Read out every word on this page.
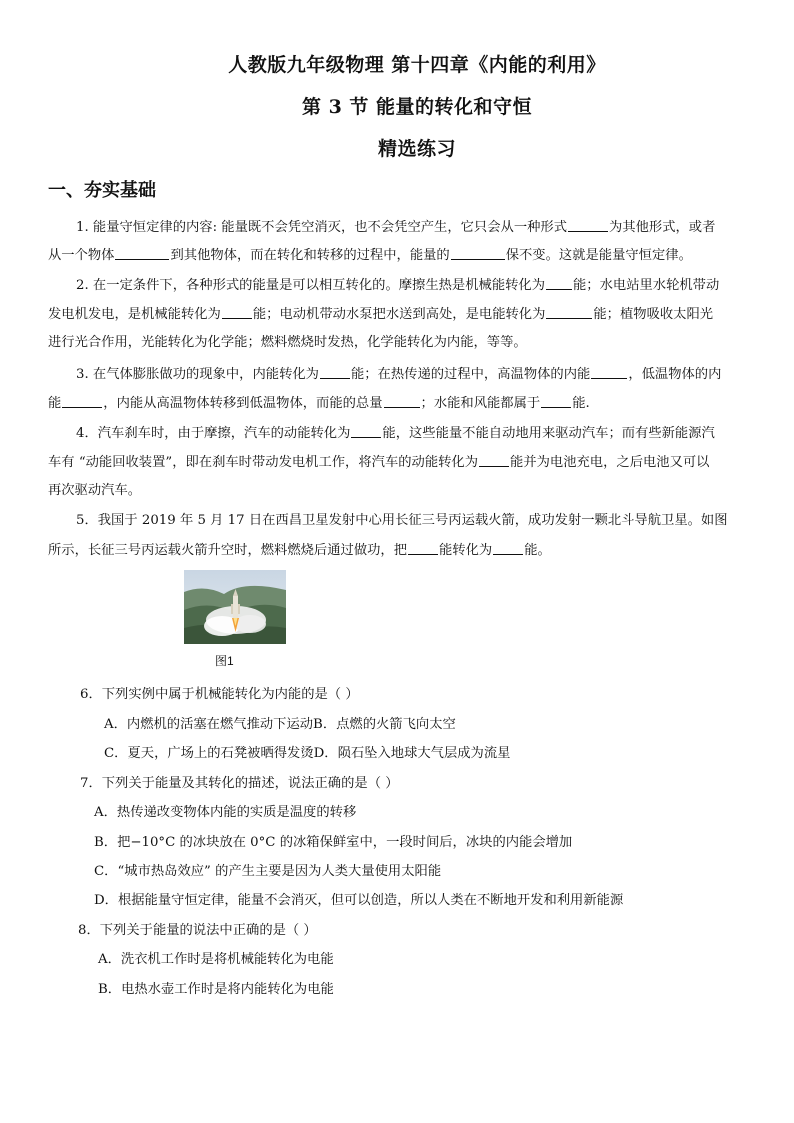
人教版九年级物理 第十四章《内能的利用》
第 3 节 能量的转化和守恒
精选练习
一、夯实基础
1. 能量守恒定律的内容: 能量既不会凭空消灭，也不会凭空产生，它只会从一种形式	为其他形式，或者
从一个物体	到其他物体，而在转化和转移的过程中，能量的	保不变。这就是能量守恒定律。
2. 在一定条件下，各种形式的能量是可以相互转化的。摩擦生热是机械能转化为 能；水电站里水轮机带动
发电机发电，是机械能转化为 能；电动机带动水泵把水送到高处，是电能转化为	能；植物吸收太阳光
进行光合作用，光能转化为化学能；燃料燃烧时发热，化学能转化为内能，等等。
3. 在气体膨胀做功的现象中，内能转化为 能；在热传递的过程中，高温物体的内能	，低温物体的内
能	，内能从高温物体转移到低温物体，而能的总量	；水能和风能都属于 能.
4．汽车刹车时，由于摩擦，汽车的动能转化为 能，这些能量不能自动地用来驱动汽车；而有些新能源汽
车有 “动能回收装置”，即在刹车时带动发电机工作，将汽车的动能转化为 能并为电池充电，之后电池又可以
再次驱动汽车。
5．我国于 2019 年 5 月 17 日在西昌卫星发射中心用长征三号丙运载火箭，成功发射一颗北斗导航卫星。如图
所示，长征三号丙运载火箭升空时，燃料燃烧后通过做功，把 能转化为 能。
图1
6．下列实例中属于机械能转化为内能的是（ ）
A．内燃机的活塞在燃气推动下运动B．点燃的火箭飞向太空
C．夏天，广场上的石凳被晒得发烫D．陨石坠入地球大气层成为流星
7．下列关于能量及其转化的描述，说法正确的是（ ）
A．热传递改变物体内能的实质是温度的转移
B．把−10°C 的冰块放在 0°C 的冰箱保鲜室中，一段时间后，冰块的内能会增加
C．“城市热岛效应” 的产生主要是因为人类大量使用太阳能
D．根据能量守恒定律，能量不会消灭，但可以创造，所以人类在不断地开发和利用新能源
8．下列关于能量的说法中正确的是（ ）
A．洗衣机工作时是将机械能转化为电能
B．电热水壶工作时是将内能转化为电能
